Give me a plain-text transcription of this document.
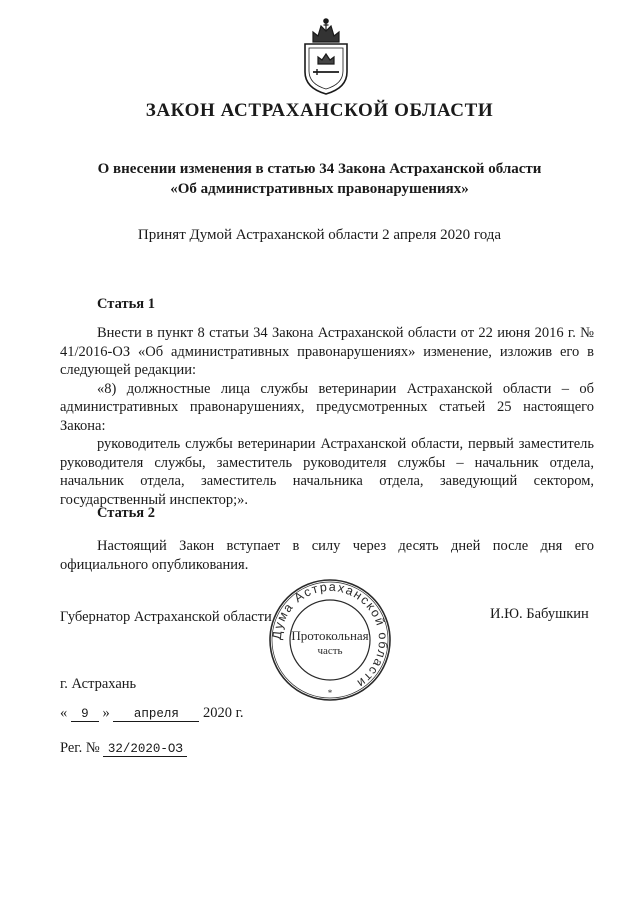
ЗАКОН АСТРАХАНСКОЙ ОБЛАСТИ
О внесении изменения в статью 34 Закона Астраханской области
«Об административных правонарушениях»
Принят Думой Астраханской области 2 апреля 2020 года
Статья 1

Внести в пункт 8 статьи 34 Закона Астраханской области от 22 июня 2016 г. № 41/2016-ОЗ «Об административных правонарушениях» изменение, изложив его в следующей редакции:

«8) должностные лица службы ветеринарии Астраханской области – об административных правонарушениях, предусмотренных статьей 25 настоящего Закона:

руководитель службы ветеринарии Астраханской области, первый заместитель руководителя службы, заместитель руководителя службы – начальник отдела, начальник отдела, заместитель начальника отдела, заведующий сектором, государственный инспектор;».

Статья 2

Настоящий Закон вступает в силу через десять дней после дня его официального опубликования.

Губернатор Астраханской области	И.Ю. Бабушкин
Дума Астраханской области
Протокольная
часть
*
г. Астрахань
« 9 » апреля 2020 г.
Рег. № 32/2020-ОЗ
